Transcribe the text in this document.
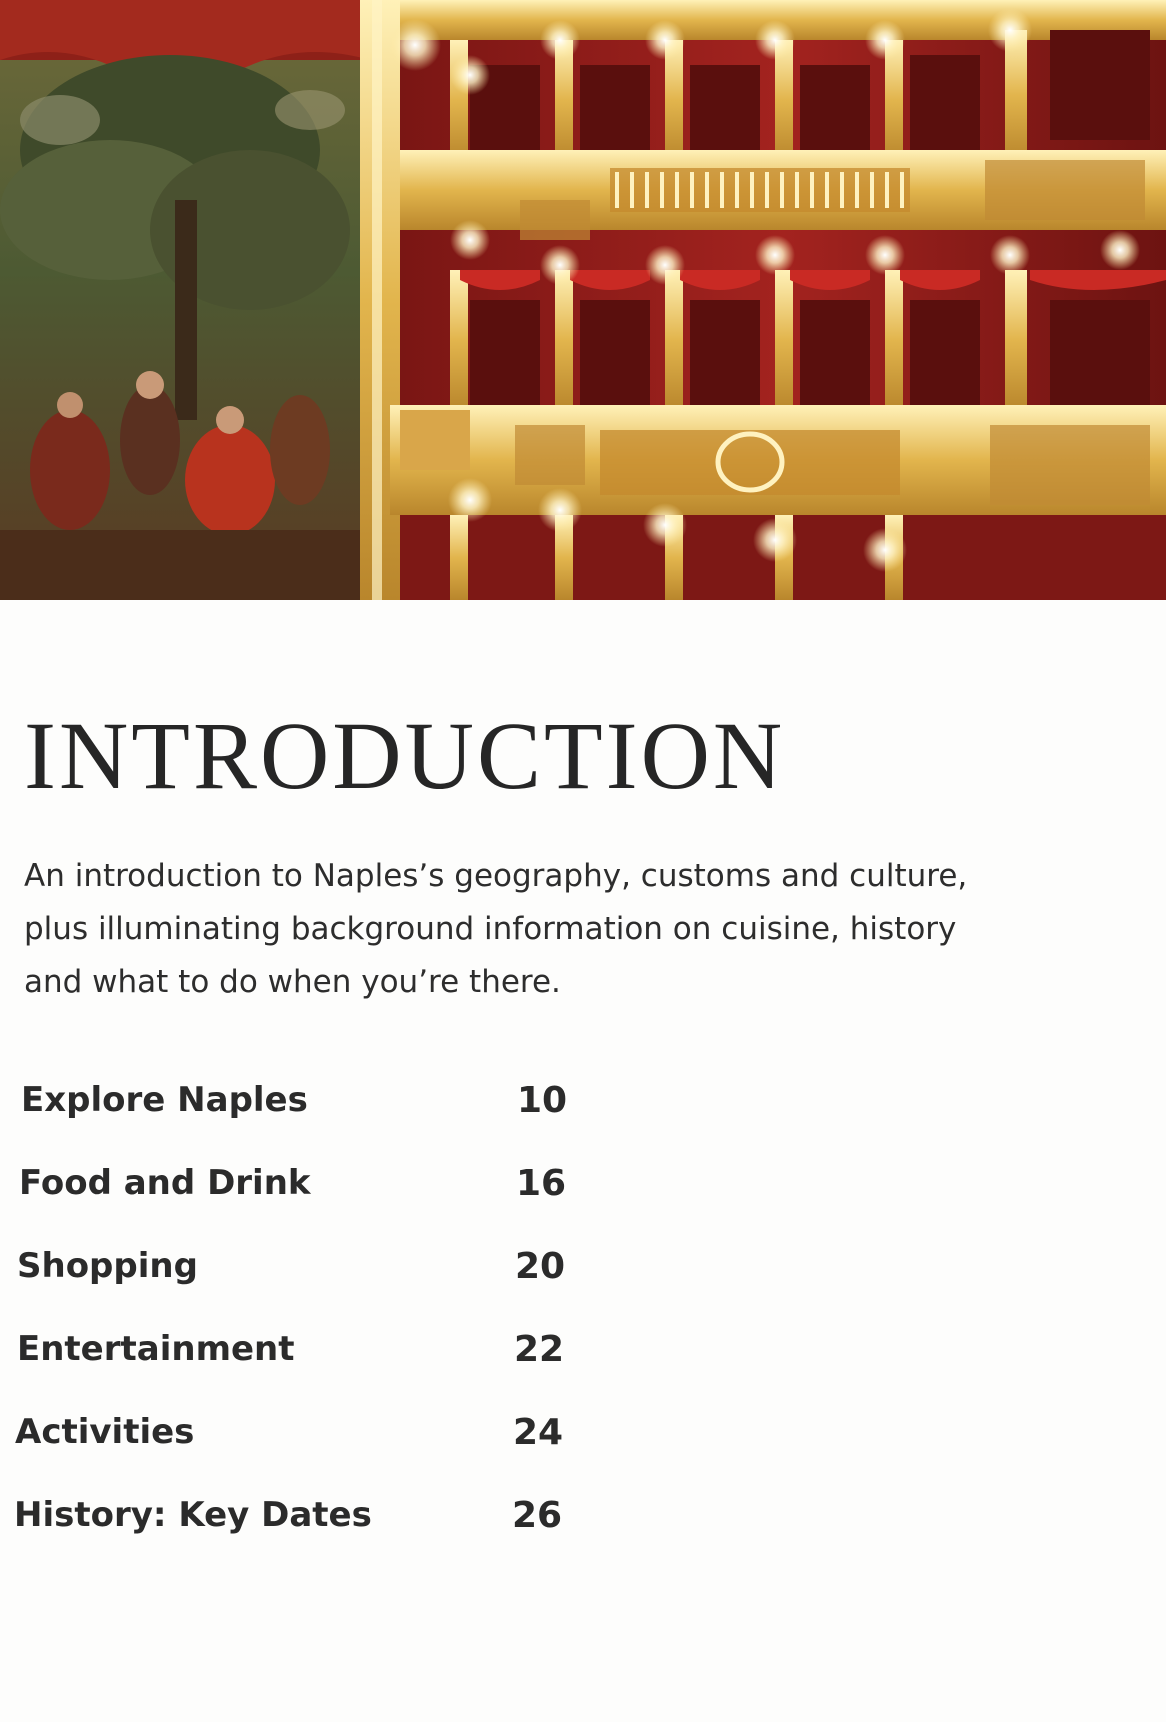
INTRODUCTION

An introduction to Naples’s geography, customs and culture, plus illuminating background information on cuisine, history and what to do when you’re there.

Explore Naples	10
Food and Drink	16
Shopping	20
Entertainment	22
Activities	24
History: Key Dates	26
